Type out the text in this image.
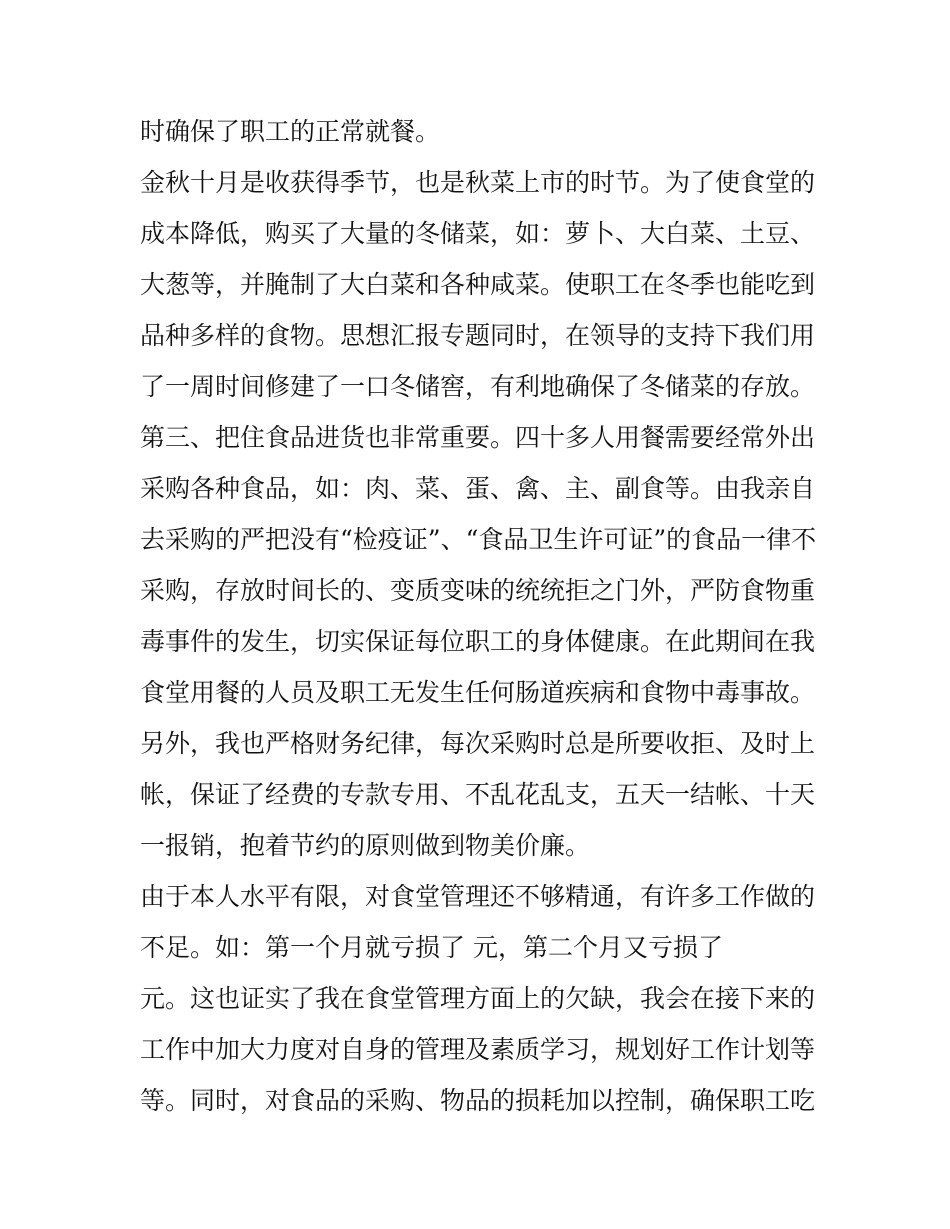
时确保了职工的正常就餐。
金秋十月是收获得季节，也是秋菜上市的时节。为了使食堂的
成本降低，购买了大量的冬储菜，如：萝卜、大白菜、土豆、
大葱等，并腌制了大白菜和各种咸菜。使职工在冬季也能吃到
品种多样的食物。思想汇报专题同时，在领导的支持下我们用
了一周时间修建了一口冬储窖，有利地确保了冬储菜的存放。
第三、把住食品进货也非常重要。四十多人用餐需要经常外出
采购各种食品，如：肉、菜、蛋、禽、主、副食等。由我亲自
去采购的严把没有“检疫证”、“食品卫生许可证”的食品一律不
采购，存放时间长的、变质变味的统统拒之门外，严防食物重
毒事件的发生，切实保证每位职工的身体健康。在此期间在我
食堂用餐的人员及职工无发生任何肠道疾病和食物中毒事故。
另外，我也严格财务纪律，每次采购时总是所要收拒、及时上
帐，保证了经费的专款专用、不乱花乱支，五天一结帐、十天
一报销，抱着节约的原则做到物美价廉。
由于本人水平有限，对食堂管理还不够精通，有许多工作做的
不足。如：第一个月就亏损了 元，第二个月又亏损了
元。这也证实了我在食堂管理方面上的欠缺，我会在接下来的
工作中加大力度对自身的管理及素质学习，规划好工作计划等
等。同时，对食品的采购、物品的损耗加以控制，确保职工吃
